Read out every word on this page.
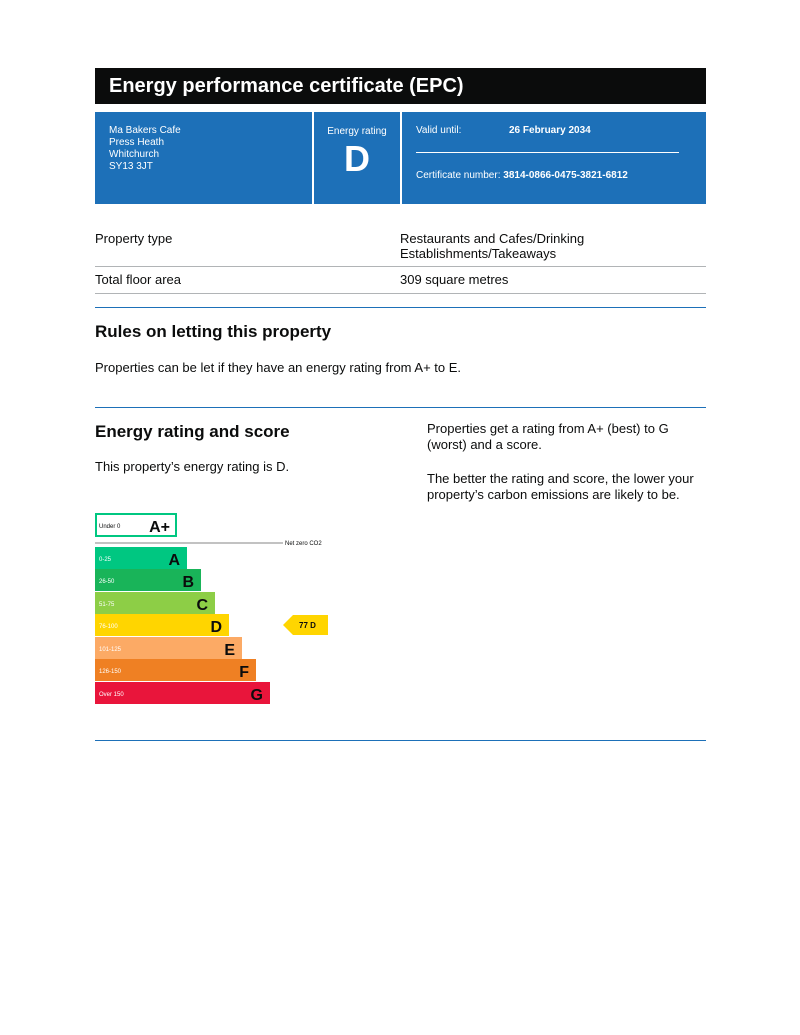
Energy performance certificate (EPC)
Ma Bakers Cafe
Press Heath
Whitchurch
SY13 3JT
Energy rating
D
Valid until:	26 February 2034
Certificate number: 3814-0866-0475-3821-6812
Property type	Restaurants and Cafes/Drinking
Establishments/Takeaways
Total floor area	309 square metres
Rules on letting this property

Properties can be let if they have an energy rating from A+ to E.

Energy rating and score

This property’s energy rating is D.

Properties get a rating from A+ (best) to G (worst) and a score.

The better the rating and score, the lower your property’s carbon emissions are likely to be.

Under 0 A+
0-25	A
26-50	B
51-75	C
76-100	D
101-125	E
126-150	F
Over 150	G
Net zero CO2
77 D
